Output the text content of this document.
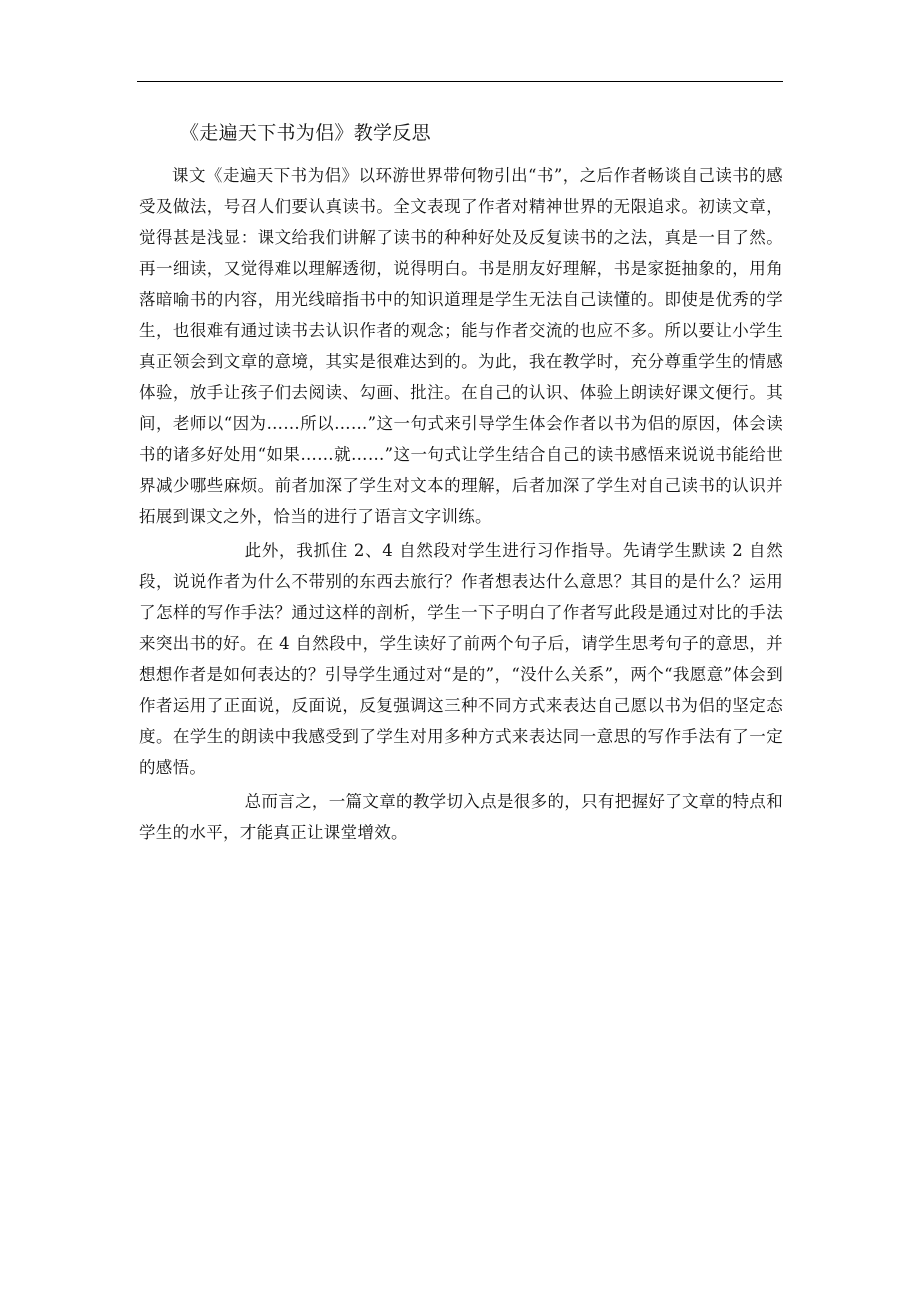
《走遍天下书为侣》教学反思

课文《走遍天下书为侣》以环游世界带何物引出“书”，之后作者畅谈自己读书的感受及做法，号召人们要认真读书。全文表现了作者对精神世界的无限追求。初读文章，觉得甚是浅显：课文给我们讲解了读书的种种好处及反复读书的之法，真是一目了然。再一细读，又觉得难以理解透彻，说得明白。书是朋友好理解，书是家挺抽象的，用角落暗喻书的内容，用光线暗指书中的知识道理是学生无法自己读懂的。即使是优秀的学生，也很难有通过读书去认识作者的观念；能与作者交流的也应不多。所以要让小学生真正领会到文章的意境，其实是很难达到的。为此，我在教学时，充分尊重学生的情感体验，放手让孩子们去阅读、勾画、批注。在自己的认识、体验上朗读好课文便行。其间，老师以“因为……所以……”这一句式来引导学生体会作者以书为侣的原因，体会读书的诸多好处用“如果……就……”这一句式让学生结合自己的读书感悟来说说书能给世界减少哪些麻烦。前者加深了学生对文本的理解，后者加深了学生对自己读书的认识并拓展到课文之外，恰当的进行了语言文字训练。

此外，我抓住 2、4 自然段对学生进行习作指导。先请学生默读 2 自然段，说说作者为什么不带别的东西去旅行？作者想表达什么意思？其目的是什么？运用了怎样的写作手法？通过这样的剖析，学生一下子明白了作者写此段是通过对比的手法来突出书的好。在 4 自然段中，学生读好了前两个句子后，请学生思考句子的意思，并想想作者是如何表达的？引导学生通过对“是的”，“没什么关系”，两个“我愿意”体会到作者运用了正面说，反面说，反复强调这三种不同方式来表达自己愿以书为侣的坚定态度。在学生的朗读中我感受到了学生对用多种方式来表达同一意思的写作手法有了一定的感悟。

总而言之，一篇文章的教学切入点是很多的，只有把握好了文章的特点和学生的水平，才能真正让课堂增效。
